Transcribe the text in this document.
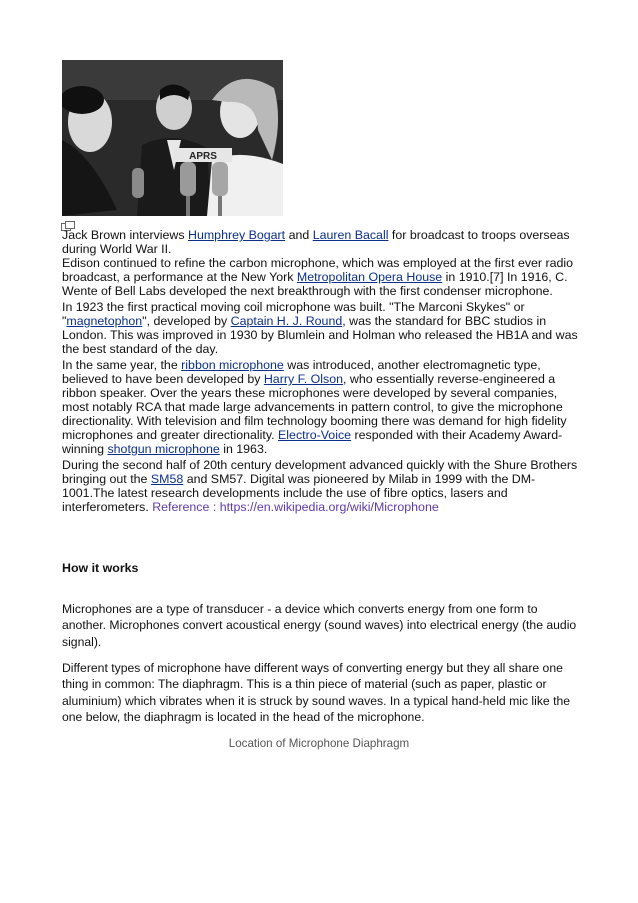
APRS

Jack Brown interviews Humphrey Bogart and Lauren Bacall for broadcast to troops overseas during World War II.

Edison continued to refine the carbon microphone, which was employed at the first ever radio broadcast, a performance at the New York Metropolitan Opera House in 1910.[7] In 1916, C. Wente of Bell Labs developed the next breakthrough with the first condenser microphone.

In 1923 the first practical moving coil microphone was built. "The Marconi Skykes" or "magnetophon", developed by Captain H. J. Round, was the standard for BBC studios in London. This was improved in 1930 by Blumlein and Holman who released the HB1A and was the best standard of the day.

In the same year, the ribbon microphone was introduced, another electromagnetic type, believed to have been developed by Harry F. Olson, who essentially reverse-engineered a ribbon speaker. Over the years these microphones were developed by several companies, most notably RCA that made large advancements in pattern control, to give the microphone directionality. With television and film technology booming there was demand for high fidelity microphones and greater directionality. Electro-Voice responded with their Academy Award-winning shotgun microphone in 1963.

During the second half of 20th century development advanced quickly with the Shure Brothers bringing out the SM58 and SM57. Digital was pioneered by Milab in 1999 with the DM-1001.The latest research developments include the use of fibre optics, lasers and interferometers. Reference : https://en.wikipedia.org/wiki/Microphone

How it works
Microphones are a type of transducer - a device which converts energy from one form to another. Microphones convert acoustical energy (sound waves) into electrical energy (the audio signal).
Different types of microphone have different ways of converting energy but they all share one thing in common: The diaphragm. This is a thin piece of material (such as paper, plastic or aluminium) which vibrates when it is struck by sound waves. In a typical hand-held mic like the one below, the diaphragm is located in the head of the microphone.
Location of Microphone Diaphragm
